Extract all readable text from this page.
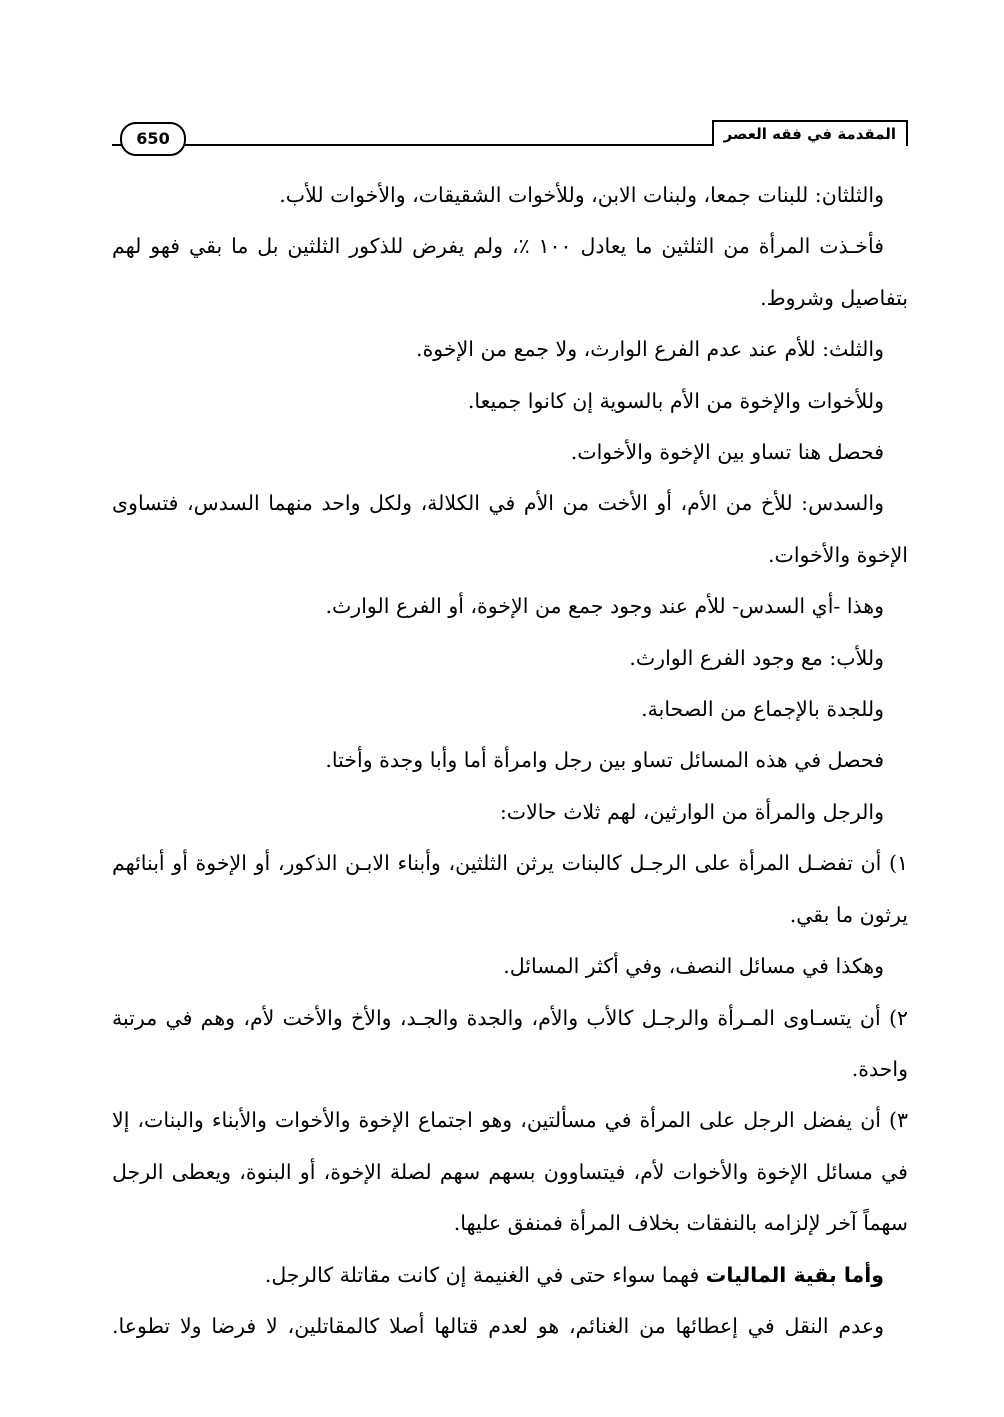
المقدمة في فقه العصر
650

والثلثان: للبنات جمعا، ولبنات الابن، وللأخوات الشقيقات، والأخوات للأب.

فأخـذت المرأة من الثلثين ما يعادل ١٠٠ ٪، ولم يفرض للذكور الثلثين بل ما بقي فهو لهم بتفاصيل وشروط.

والثلث: للأم عند عدم الفرع الوارث، ولا جمع من الإخوة.

وللأخوات والإخوة من الأم بالسوية إن كانوا جميعا.

فحصل هنا تساو بين الإخوة والأخوات.

والسدس: للأخ من الأم، أو الأخت من الأم في الكلالة، ولكل واحد منهما السدس، فتساوى الإخوة والأخوات.

وهذا -أي السدس- للأم عند وجود جمع من الإخوة، أو الفرع الوارث.

وللأب: مع وجود الفرع الوارث.

وللجدة بالإجماع من الصحابة.

فحصل في هذه المسائل تساو بين رجل وامرأة أما وأبا وجدة وأختا.

والرجل والمرأة من الوارثين، لهم ثلاث حالات:

١) أن تفضـل المرأة على الرجـل كالبنات يرثن الثلثين، وأبناء الابـن الذكور، أو الإخوة أو أبنائهم يرثون ما بقي.

وهكذا في مسائل النصف، وفي أكثر المسائل.

٢) أن يتسـاوى المـرأة والرجـل كالأب والأم، والجدة والجـد، والأخ والأخت لأم، وهم في مرتبة واحدة.

٣) أن يفضل الرجل على المرأة في مسألتين، وهو اجتماع الإخوة والأخوات والأبناء والبنات، إلا في مسائل الإخوة والأخوات لأم، فيتساوون بسهم سهم لصلة الإخوة، أو البنوة، ويعطى الرجل سهماً آخر لإلزامه بالنفقات بخلاف المرأة فمنفق عليها.

وأما بقية الماليات فهما سواء حتى في الغنيمة إن كانت مقاتلة كالرجل.

وعدم النقل في إعطائها من الغنائم، هو لعدم قتالها أصلا كالمقاتلين، لا فرضا ولا تطوعا.
